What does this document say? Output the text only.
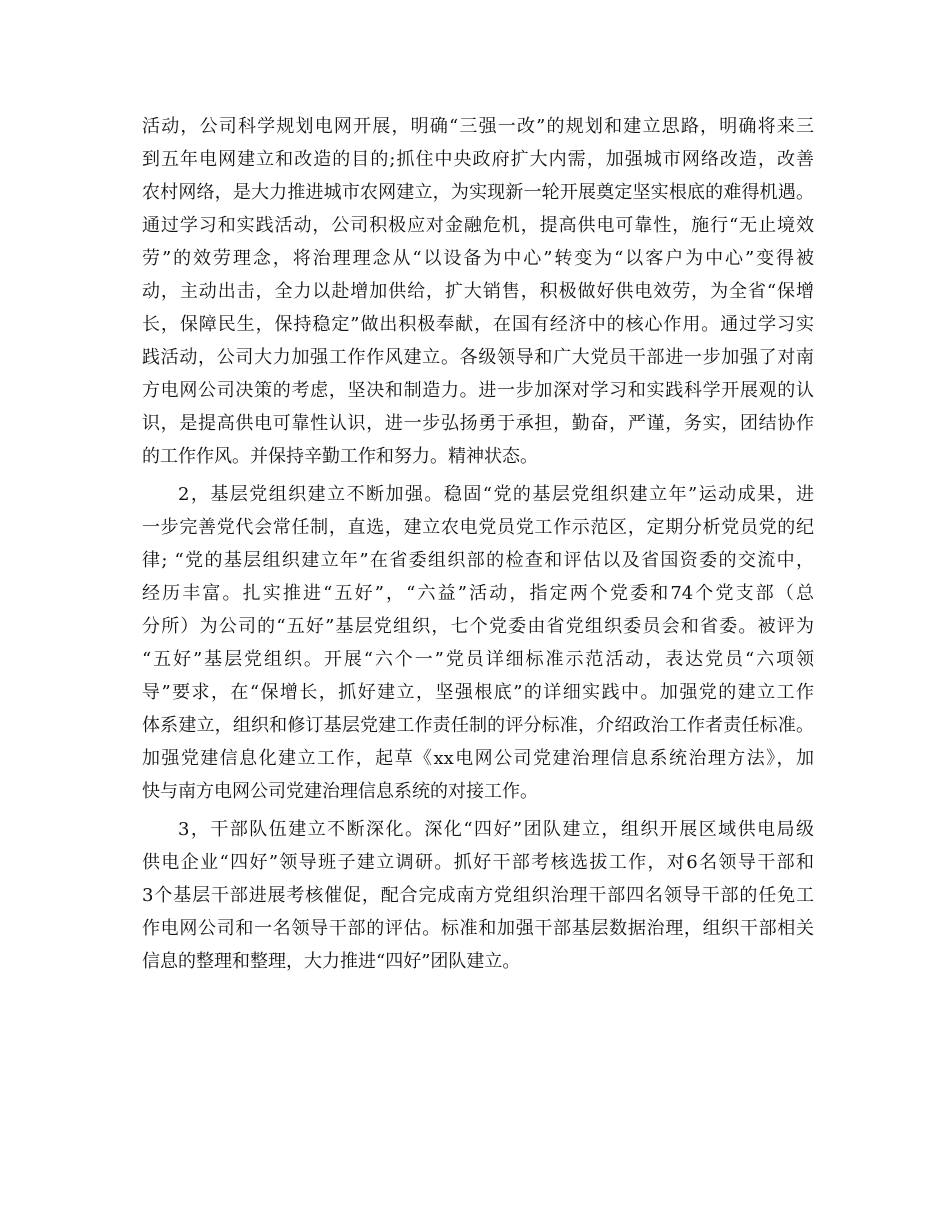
活动，公司科学规划电网开展，明确“三强一改”的规划和建立思路，明确将来三
到五年电网建立和改造的目的;抓住中央政府扩大内需，加强城市网络改造，改善
农村网络，是大力推进城市农网建立，为实现新一轮开展奠定坚实根底的难得机遇。
通过学习和实践活动，公司积极应对金融危机，提高供电可靠性，施行“无止境效
劳”的效劳理念，将治理理念从“以设备为中心”转变为“以客户为中心”变得被
动，主动出击，全力以赴增加供给，扩大销售，积极做好供电效劳，为全省“保增
长，保障民生，保持稳定”做出积极奉献，在国有经济中的核心作用。通过学习实
践活动，公司大力加强工作作风建立。各级领导和广大党员干部进一步加强了对南
方电网公司决策的考虑，坚决和制造力。进一步加深对学习和实践科学开展观的认
识，是提高供电可靠性认识，进一步弘扬勇于承担，勤奋，严谨，务实，团结协作
的工作作风。并保持辛勤工作和努力。精神状态。
2，基层党组织建立不断加强。稳固“党的基层党组织建立年”运动成果，进
一步完善党代会常任制，直选，建立农电党员党工作示范区，定期分析党员党的纪
律; “党的基层组织建立年”在省委组织部的检查和评估以及省国资委的交流中，
经历丰富。扎实推进“五好”，“六益”活动，指定两个党委和74个党支部（总
分所）为公司的“五好”基层党组织，七个党委由省党组织委员会和省委。被评为
“五好”基层党组织。开展“六个一”党员详细标准示范活动，表达党员“六项领
导”要求，在“保增长，抓好建立，坚强根底”的详细实践中。加强党的建立工作
体系建立，组织和修订基层党建工作责任制的评分标准，介绍政治工作者责任标准。
加强党建信息化建立工作，起草《xx电网公司党建治理信息系统治理方法》，加
快与南方电网公司党建治理信息系统的对接工作。
3，干部队伍建立不断深化。深化“四好”团队建立，组织开展区域供电局级
供电企业“四好”领导班子建立调研。抓好干部考核选拔工作，对6名领导干部和
3个基层干部进展考核催促，配合完成南方党组织治理干部四名领导干部的任免工
作电网公司和一名领导干部的评估。标准和加强干部基层数据治理，组织干部相关
信息的整理和整理，大力推进“四好”团队建立。
